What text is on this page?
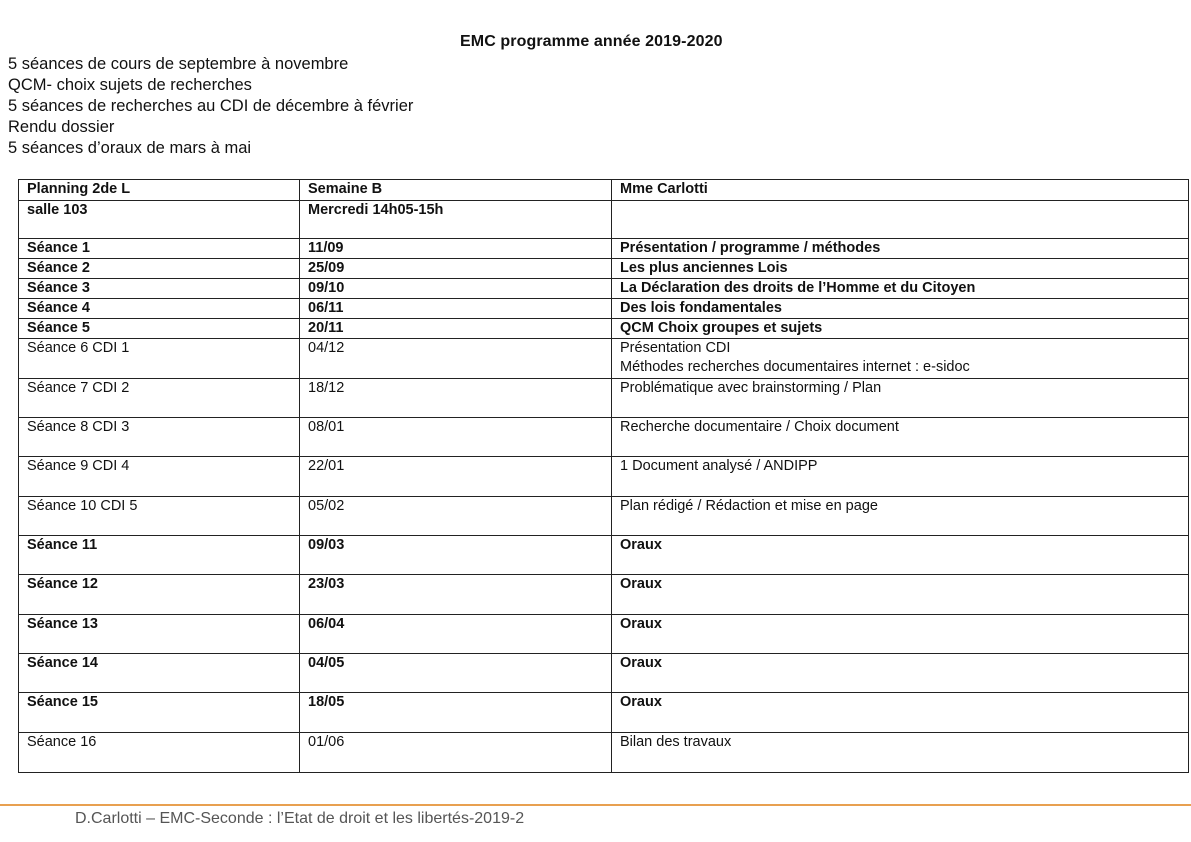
EMC programme année 2019-2020
5 séances de cours de septembre à novembre
QCM- choix sujets de recherches
5 séances de recherches au CDI de décembre à février
Rendu dossier
5 séances d’oraux de mars à mai
Planning 2de L	Semaine B	Mme Carlotti
salle 103	Mercredi 14h05-15h	
Séance 1	11/09	Présentation / programme / méthodes
Séance 2	25/09	Les plus anciennes Lois
Séance 3	09/10	La Déclaration des droits de l’Homme et du Citoyen
Séance 4	06/11	Des lois fondamentales
Séance 5	20/11	QCM Choix groupes et sujets
Séance 6 CDI 1	04/12	Présentation CDI
Méthodes recherches documentaires internet : e-sidoc

Séance 7 CDI 2	18/12	Problématique avec brainstorming / Plan
Séance 8 CDI 3	08/01	Recherche documentaire / Choix document
Séance 9 CDI 4	22/01	1 Document analysé / ANDIPP
Séance 10 CDI 5	05/02	Plan rédigé / Rédaction et mise en page
Séance 11	09/03	Oraux
Séance 12	23/03	Oraux
Séance 13	06/04	Oraux
Séance 14	04/05	Oraux
Séance 15	18/05	Oraux
Séance 16	01/06	Bilan des travaux
D.Carlotti – EMC-Seconde : l’Etat de droit et les libertés-2019-2
